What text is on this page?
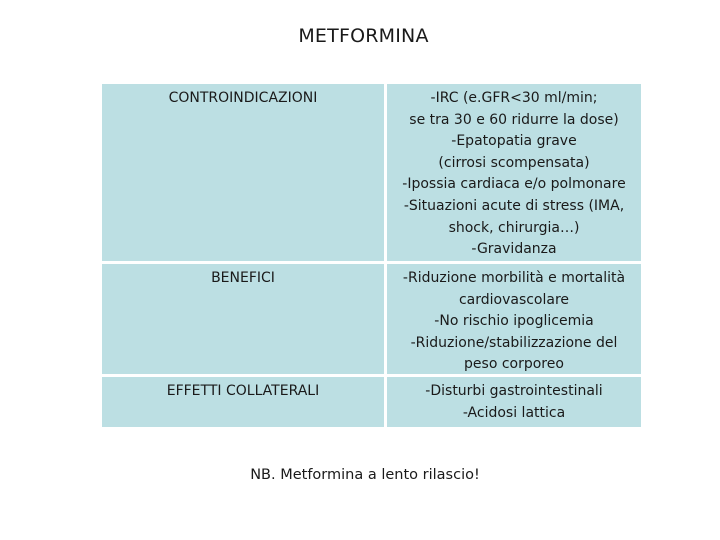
METFORMINA
CONTROINDICAZIONI	-IRC (e.GFR<30 ml/min;
se tra 30 e 60 ridurre la dose)
-Epatopatia grave
(cirrosi scompensata)
-Ipossia cardiaca e/o polmonare
-Situazioni acute di stress (IMA,
shock, chirurgia…)
-Gravidanza
BENEFICI	-Riduzione morbilità e mortalità
cardiovascolare
-No rischio ipoglicemia
-Riduzione/stabilizzazione del
peso corporeo
EFFETTI COLLATERALI	-Disturbi gastrointestinali
-Acidosi lattica
NB. Metformina a lento rilascio!
